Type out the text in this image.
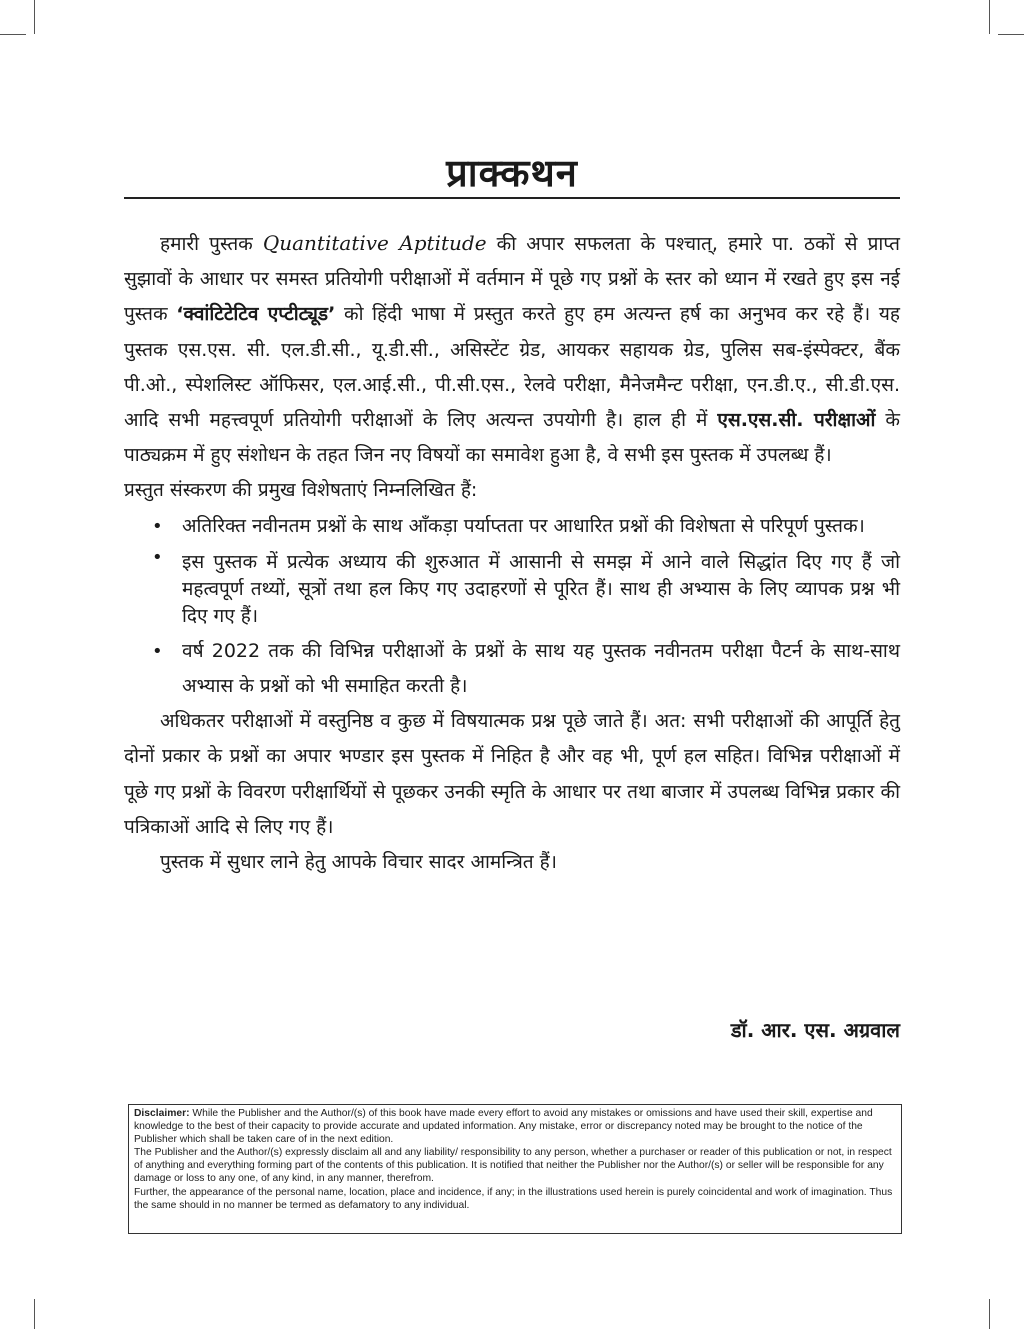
प्राक्कथन

हमारी पुस्तक Quantitative Aptitude की अपार सफलता के पश्चात्, हमारे पा. ठकों से प्राप्त सुझावों के आधार पर समस्त प्रतियोगी परीक्षाओं में वर्तमान में पूछे गए प्रश्नों के स्तर को ध्यान में रखते हुए इस नई पुस्तक ‘क्वांटिटेटिव एप्टीट्यूड’ को हिंदी भाषा में प्रस्तुत करते हुए हम अत्यन्त हर्ष का अनुभव कर रहे हैं। यह पुस्तक एस.एस. सी. एल.डी.सी., यू.डी.सी., असिस्टेंट ग्रेड, आयकर सहायक ग्रेड, पुलिस सब-इंस्पेक्टर, बैंक पी.ओ., स्पेशलिस्ट ऑफिसर, एल.आई.सी., पी.सी.एस., रेलवे परीक्षा, मैनेजमैन्ट परीक्षा, एन.डी.ए., सी.डी.एस. आदि सभी महत्त्वपूर्ण प्रतियोगी परीक्षाओं के लिए अत्यन्त उपयोगी है। हाल ही में एस.एस.सी. परीक्षाओं के पाठ्यक्रम में हुए संशोधन के तहत जिन नए विषयों का समावेश हुआ है, वे सभी इस पुस्तक में उपलब्ध हैं।

प्रस्तुत संस्करण की प्रमुख विशेषताएं निम्नलिखित हैं:

• अतिरिक्त नवीनतम प्रश्नों के साथ आँकड़ा पर्याप्तता पर आधारित प्रश्नों की विशेषता से परिपूर्ण पुस्तक।
• इस पुस्तक में प्रत्येक अध्याय की शुरुआत में आसानी से समझ में आने वाले सिद्धांत दिए गए हैं जो महत्वपूर्ण तथ्यों, सूत्रों तथा हल किए गए उदाहरणों से पूरित हैं। साथ ही अभ्यास के लिए व्यापक प्रश्न भी दिए गए हैं।
• वर्ष 2022 तक की विभिन्न परीक्षाओं के प्रश्नों के साथ यह पुस्तक नवीनतम परीक्षा पैटर्न के साथ-साथ अभ्यास के प्रश्नों को भी समाहित करती है।

अधिकतर परीक्षाओं में वस्तुनिष्ठ व कुछ में विषयात्मक प्रश्न पूछे जाते हैं। अत: सभी परीक्षाओं की आपूर्ति हेतु दोनों प्रकार के प्रश्नों का अपार भण्डार इस पुस्तक में निहित है और वह भी, पूर्ण हल सहित। विभिन्न परीक्षाओं में पूछे गए प्रश्नों के विवरण परीक्षार्थियों से पूछकर उनकी स्मृति के आधार पर तथा बाजार में उपलब्ध विभिन्न प्रकार की पत्रिकाओं आदि से लिए गए हैं।

पुस्तक में सुधार लाने हेतु आपके विचार सादर आमन्त्रित हैं।

डॉ. आर. एस. अग्रवाल

Disclaimer: While the Publisher and the Author/(s) of this book have made every effort to avoid any mistakes or omissions and have used their skill, expertise and knowledge to the best of their capacity to provide accurate and updated information. Any mistake, error or discrepancy noted may be brought to the notice of the Publisher which shall be taken care of in the next edition.

The Publisher and the Author/(s) expressly disclaim all and any liability/ responsibility to any person, whether a purchaser or reader of this publication or not, in respect of anything and everything forming part of the contents of this publication. It is notified that neither the Publisher nor the Author/(s) or seller will be responsible for any damage or loss to any one, of any kind, in any manner, therefrom.

Further, the appearance of the personal name, location, place and incidence, if any; in the illustrations used herein is purely coincidental and work of imagination. Thus the same should in no manner be termed as defamatory to any individual.
